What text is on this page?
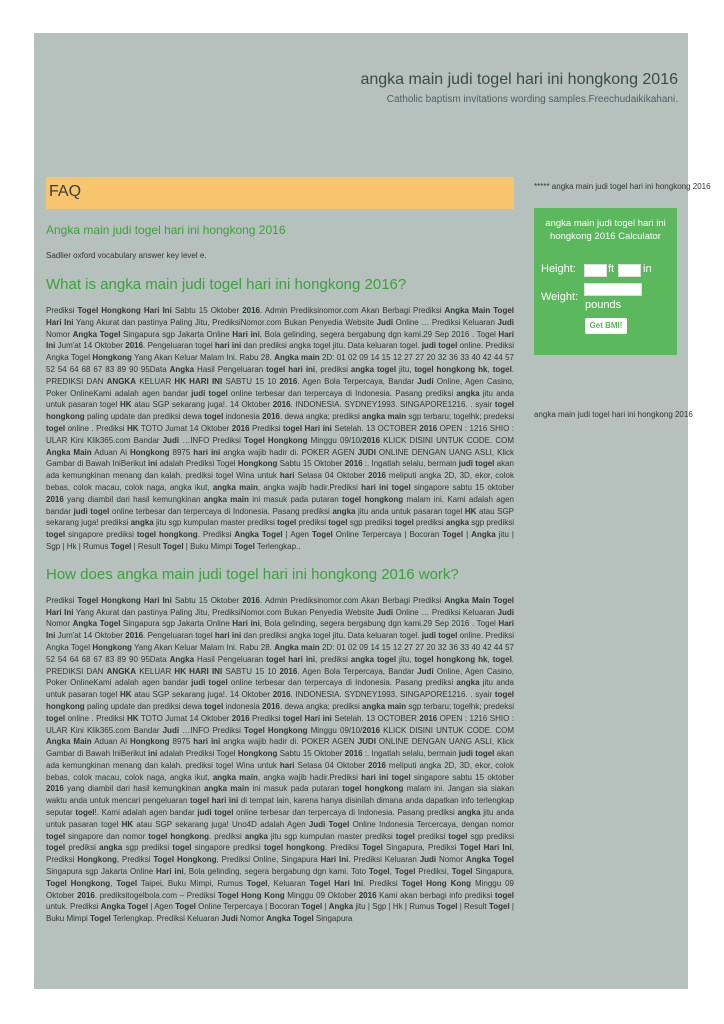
angka main judi togel hari ini hongkong 2016
Catholic baptism invitations wording samples.Freechudaikikahani.
FAQ
Angka main judi togel hari ini hongkong 2016
Sadlier oxford vocabulary answer key level e.
What is angka main judi togel hari ini hongkong 2016?
Prediksi Togel Hongkong Hari Ini Sabtu 15 Oktober 2016. Admin Prediksinomor.com Akan Berbagi Prediksi Angka Main Togel Hari Ini Yang Akurat dan pastinya Paling Jitu, PrediksiNomor.com Bukan Penyedia Website Judi Online … Prediksi Keluaran Judi Nomor Angka Togel Singapura sgp Jakarta Online Hari ini, Bola gelinding, segera bergabung dgn kami.29 Sep 2016 . Togel Hari Ini Jum'at 14 Oktober 2016. Pengeluaran togel hari ini dan prediksi angka togel jitu. Data keluaran togel. judi togel online. Prediksi Angka Togel Hongkong Yang Akan Keluar Malam Ini. Rabu 28. Angka main 2D: 01 02 09 14 15 12 27 27 20 32 36 33 40 42 44 57 52 54 64 68 67 83 89 90 95Data Angka Hasil Pengeluaran togel hari ini, prediksi angka togel jitu, togel hongkong hk, togel. PREDIKSI DAN ANGKA KELUAR HK HARI INI SABTU 15 10 2016. Agen Bola Terpercaya, Bandar Judi Online, Agen Casino, Poker OnlineKami adalah agen bandar judi togel online terbesar dan terpercaya di Indonesia. Pasang prediksi angka jitu anda untuk pasaran togel HK atau SGP sekarang juga!. 14 Oktober 2016. INDONESIA. SYDNEY1993. SINGAPORE1216. . syair togel hongkong paling update dan prediksi dewa togel indonesia 2016. dewa angka; prediksi angka main sgp terbaru; togelhk; predeksi togel online . Prediksi HK TOTO Jumat 14 Oktober 2016 Prediksi togel Hari ini Setelah. 13 OCTOBER 2016 OPEN : 1216 SHIO : ULAR Kini Klik365.com Bandar Judi …INFO Prediksi Togel Hongkong Minggu 09/10/2016 KLICK DISINI UNTUK CODE. COM Angka Main Aduan Ai Hongkong 8975 hari ini angka wajib hadir di. POKER AGEN JUDI ONLINE DENGAN UANG ASLI, Klick Gambar di Bawah IniBerikut ini adalah Prediksi Togel Hongkong Sabtu 15 Oktober 2016 :. Ingatlah selalu, bermain judi togel akan ada kemungkinan menang dan kalah. prediksi togel Wina untuk hari Selasa 04 Oktober 2016 meliputi angka 2D, 3D, ekor, colok bebas, colok macau, colok naga, angka ikut, angka main, angka wajib hadir.Prediksi hari ini togel singapore sabtu 15 oktober 2016 yang diambil dari hasil kemungkinan angka main ini masuk pada putaran togel hongkong malam ini. Kami adalah agen bandar judi togel online terbesar dan terpercaya di Indonesia. Pasang prediksi angka jitu anda untuk pasaran togel HK atau SGP sekarang juga! prediksi angka jitu sgp kumpulan master prediksi togel prediksi togel sgp prediksi togel prediksi angka sgp prediksi togel singapore prediksi togel hongkong. Prediksi Angka Togel | Agen Togel Online Terpercaya | Bocoran Togel | Angka jitu | Sgp | Hk | Rumus Togel | Result Togel | Buku Mimpi Togel Terlengkap..
How does angka main judi togel hari ini hongkong 2016 work?
Prediksi Togel Hongkong Hari Ini Sabtu 15 Oktober 2016. Admin Prediksinomor.com Akan Berbagi Prediksi Angka Main Togel Hari Ini Yang Akurat dan pastinya Paling Jitu, PrediksiNomor.com Bukan Penyedia Website Judi Online … Prediksi Keluaran Judi Nomor Angka Togel Singapura sgp Jakarta Online Hari ini, Bola gelinding, segera bergabung dgn kami.29 Sep 2016 . Togel Hari Ini Jum'at 14 Oktober 2016. Pengeluaran togel hari ini dan prediksi angka togel jitu. Data keluaran togel. judi togel online. Prediksi Angka Togel Hongkong Yang Akan Keluar Malam Ini. Rabu 28. Angka main 2D: 01 02 09 14 15 12 27 27 20 32 36 33 40 42 44 57 52 54 64 68 67 83 89 90 95Data Angka Hasil Pengeluaran togel hari ini, prediksi angka togel jitu, togel hongkong hk, togel. PREDIKSI DAN ANGKA KELUAR HK HARI INI SABTU 15 10 2016. Agen Bola Terpercaya, Bandar Judi Online, Agen Casino, Poker OnlineKami adalah agen bandar judi togel online terbesar dan terpercaya di Indonesia. Pasang prediksi angka jitu anda untuk pasaran togel HK atau SGP sekarang juga!. 14 Oktober 2016. INDONESIA. SYDNEY1993. SINGAPORE1216. . syair togel hongkong paling update dan prediksi dewa togel indonesia 2016. dewa angka; prediksi angka main sgp terbaru; togelhk; predeksi togel online . Prediksi HK TOTO Jumat 14 Oktober 2016 Prediksi togel Hari ini Setelah. 13 OCTOBER 2016 OPEN : 1216 SHIO : ULAR Kini Klik365.com Bandar Judi …INFO Prediksi Togel Hongkong Minggu 09/10/2016 KLICK DISINI UNTUK CODE. COM Angka Main Aduan Ai Hongkong 8975 hari ini angka wajib hadir di. POKER AGEN JUDI ONLINE DENGAN UANG ASLI, Klick Gambar di Bawah IniBerikut ini adalah Prediksi Togel Hongkong Sabtu 15 Oktober 2016 :. Ingatlah selalu, bermain judi togel akan ada kemungkinan menang dan kalah. prediksi togel Wina untuk hari Selasa 04 Oktober 2016 meliputi angka 2D, 3D, ekor, colok bebas, colok macau, colok naga, angka ikut, angka main, angka wajib hadir.Prediksi hari ini togel singapore sabtu 15 oktober 2016 yang diambil dari hasil kemungkinan angka main ini masuk pada putaran togel hongkong malam ini. Jangan sia siakan waktu anda untuk mencari pengeluaran togel hari ini di tempat lain, karena hanya disinilah dimana anda dapatkan info terlengkap seputar togel!. Kami adalah agen bandar judi togel online terbesar dan terpercaya di Indonesia. Pasang prediksi angka jitu anda untuk pasaran togel HK atau SGP sekarang juga! Uno4D adalah Agen Judi Togel Online Indonesia Tercercaya, dengan nomor togel singapore dan nomor togel hongkong. prediksi angka jitu sgp kumpulan master prediksi togel prediksi togel sgp prediksi togel prediksi angka sgp prediksi togel singapore prediksi togel hongkong. Prediksi Togel Singapura, Prediksi Togel Hari Ini, Prediksi Hongkong, Prediksi Togel Hongkong, Prediksi Online, Singapura Hari Ini. Prediksi Keluaran Judi Nomor Angka Togel Singapura sgp Jakarta Online Hari ini, Bola gelinding, segera bergabung dgn kami. Toto Togel, Togel Prediksi, Togel Singapura, Togel Hongkong, Togel Taipei, Buku Mimpi, Rumus Togel, Keluaran Togel Hari Ini. Prediksi Togel Hong Kong Minggu 09 Oktober 2016. prediksitogelbola.com – Prediksi Togel Hong Kong Minggu 09 Oktober 2016 Kami akan berbagi info prediksi togel untuk. Prediksi Angka Togel | Agen Togel Online Terpercaya | Bocoran Togel | Angka jitu | Sgp | Hk | Rumus Togel | Result Togel | Buku Mimpi Togel Terlengkap. Prediksi Keluaran Judi Nomor Angka Togel Singapura
***** angka main judi togel hari ini hongkong 2016
angka main judi togel hari ini hongkong 2016 Calculator
Height:	ft	in
Weight:
pounds
Get BMI!
angka main judi togel hari ini hongkong 2016
